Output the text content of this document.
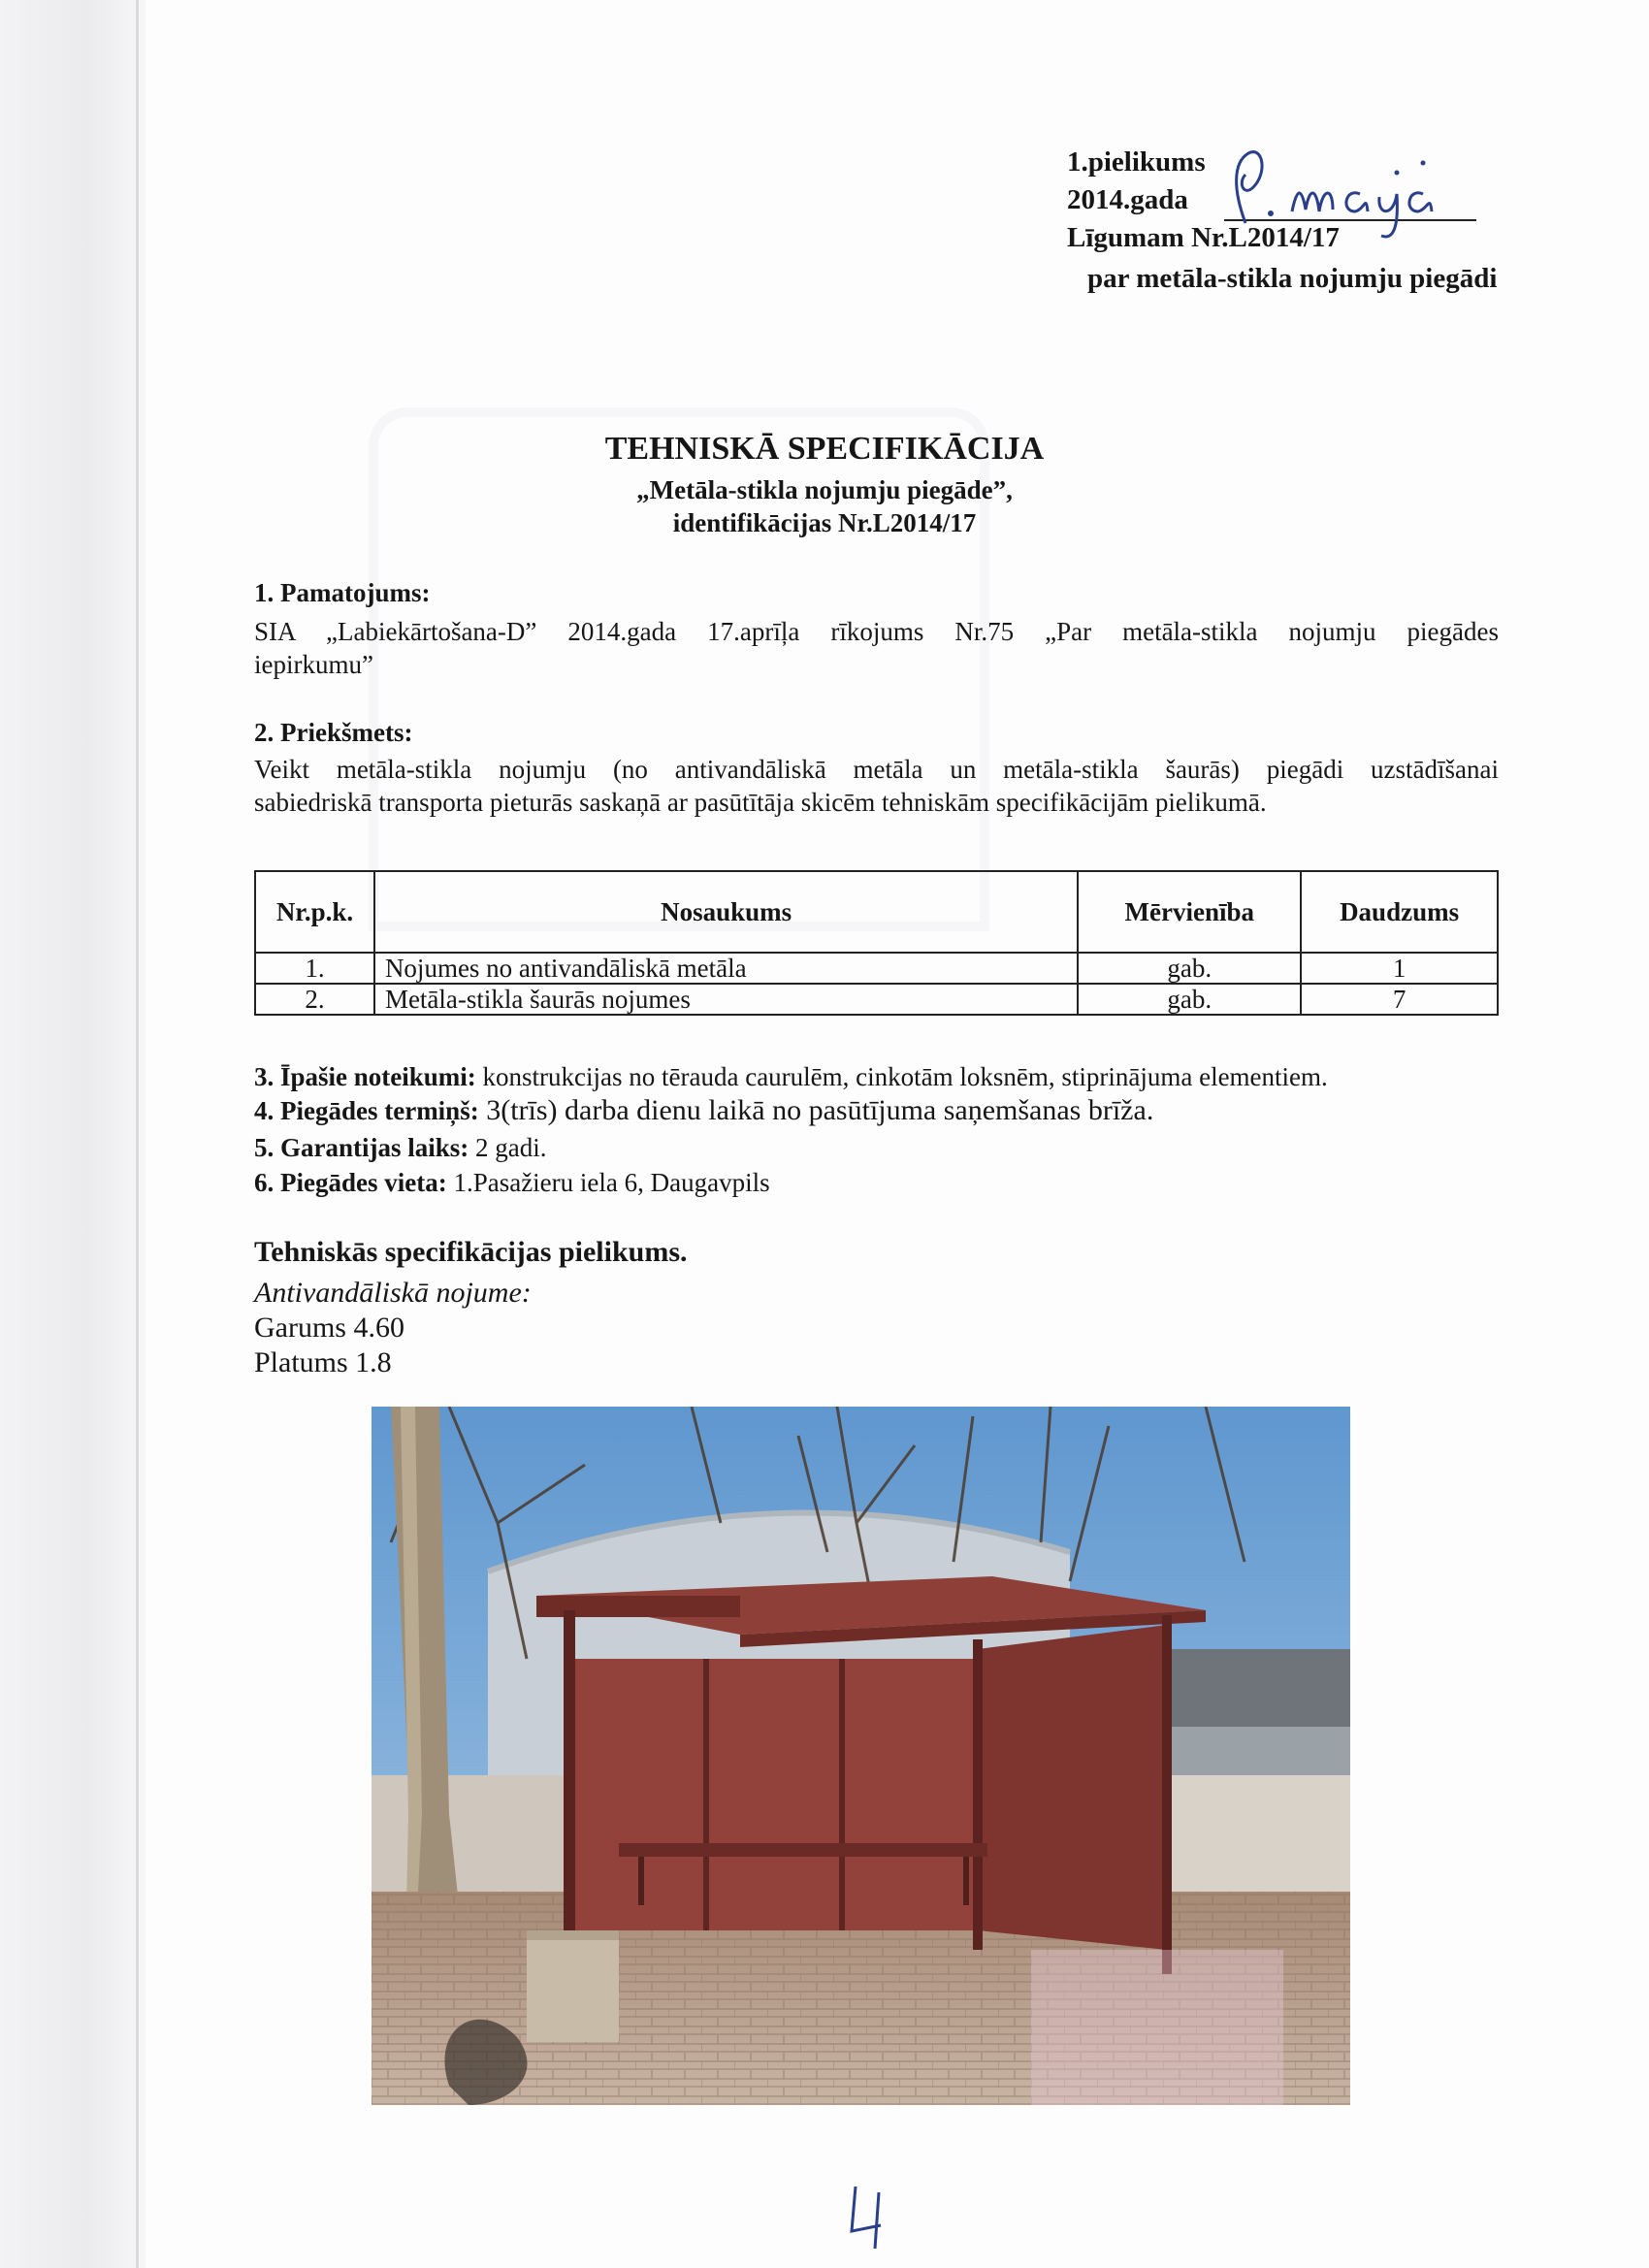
1.pielikums
2014.gada
Līgumam Nr.L2014/17
par metāla-stikla nojumju piegādi
TEHNISKĀ SPECIFIKĀCIJA
„Metāla-stikla nojumju piegāde”,
identifikācijas Nr.L2014/17
1. Pamatojums:
SIA „Labiekārtošana-D” 2014.gada 17.aprīļa rīkojums Nr.75 „Par metāla-stikla nojumju piegādes
iepirkumu”
2. Priekšmets:
Veikt metāla-stikla nojumju (no antivandāliskā metāla un metāla-stikla šaurās) piegādi uzstādīšanai
sabiedriskā transporta pieturās saskaņā ar pasūtītāja skicēm tehniskām specifikācijām pielikumā.
Nr.p.k.	Nosaukums	Mērvienība	Daudzums
1.	Nojumes no antivandāliskā metāla	gab.	1
2.	Metāla-stikla šaurās nojumes	gab.	7
3. Īpašie noteikumi: konstrukcijas no tērauda caurulēm, cinkotām loksnēm, stiprinājuma elementiem.
4. Piegādes termiņš: 3(trīs) darba dienu laikā no pasūtījuma saņemšanas brīža.
5. Garantijas laiks: 2 gadi.
6. Piegādes vieta: 1.Pasažieru iela 6, Daugavpils
Tehniskās specifikācijas pielikums.
Antivandāliskā nojume:
Garums 4.60
Platums 1.8
